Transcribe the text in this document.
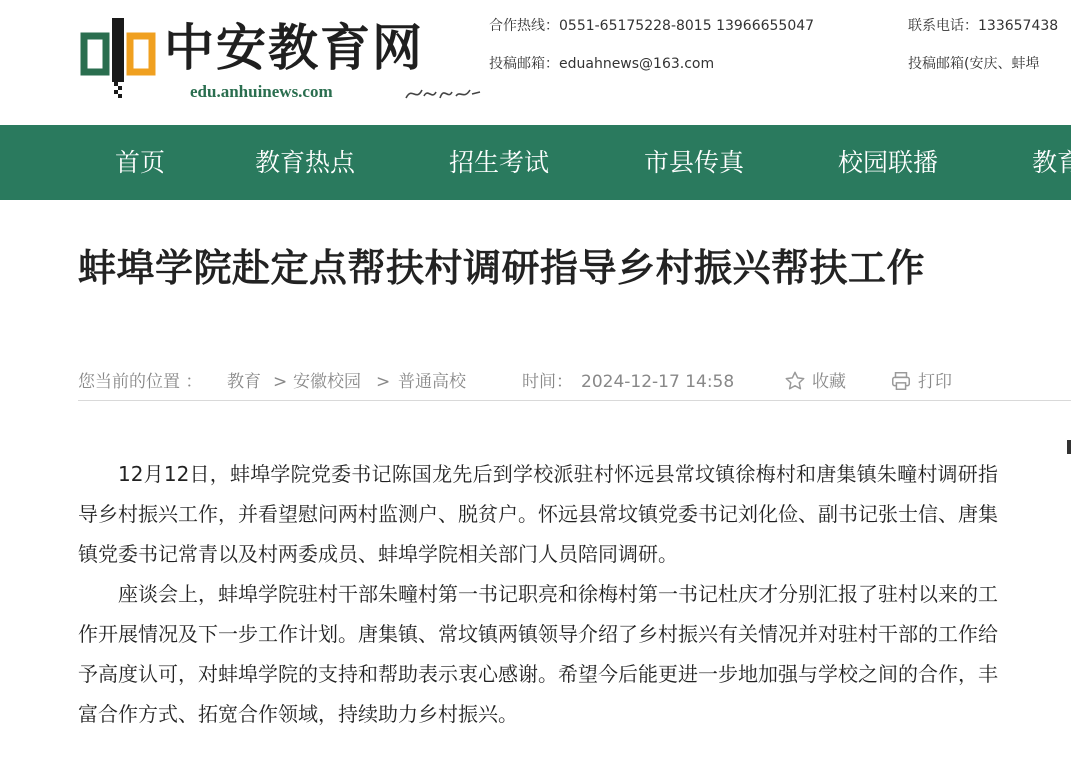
中安教育网
edu.anhuinews.com
合作热线：0551-65175228-8015 13966655047
投稿邮箱：eduahnews@163.com
联系电话：133657438
投稿邮箱(安庆、蚌埠
首页	教育热点	招生考试	市县传真	校园联播	教育
蚌埠学院赴定点帮扶村调研指导乡村振兴帮扶工作
您当前的位置 ： 教育 > 安徽校园 > 普通高校	时间： 2024-12-17 14:58	收藏	打印

12月12日，蚌埠学院党委书记陈国龙先后到学校派驻村怀远县常坟镇徐梅村和唐集镇朱疃村调研指导乡村振兴工作，并看望慰问两村监测户、脱贫户。怀远县常坟镇党委书记刘化俭、副书记张士信、唐集镇党委书记常青以及村两委成员、蚌埠学院相关部门人员陪同调研。

座谈会上，蚌埠学院驻村干部朱疃村第一书记职亮和徐梅村第一书记杜庆才分别汇报了驻村以来的工作开展情况及下一步工作计划。唐集镇、常坟镇两镇领导介绍了乡村振兴有关情况并对驻村干部的工作给予高度认可，对蚌埠学院的支持和帮助表示衷心感谢。希望今后能更进一步地加强与学校之间的合作，丰富合作方式、拓宽合作领域，持续助力乡村振兴。
